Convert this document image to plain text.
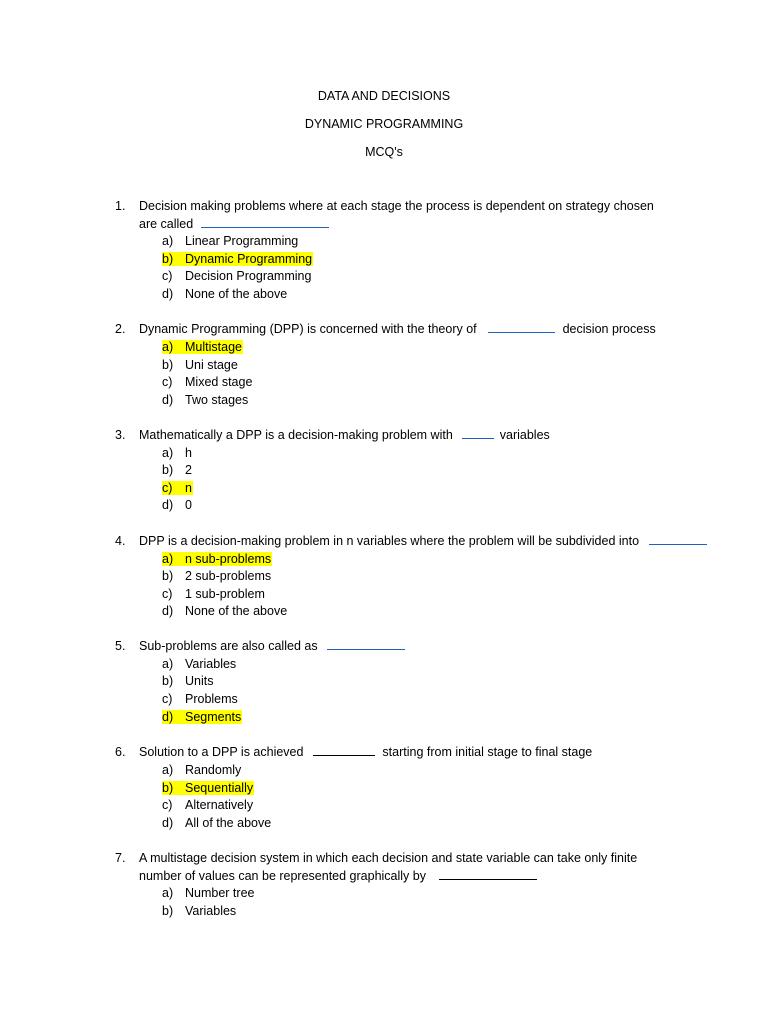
DATA AND DECISIONS
DYNAMIC PROGRAMMING
MCQ's
1. Decision making problems where at each stage the process is dependent on strategy chosen
are called
a) Linear Programming
b) Dynamic Programming
c) Decision Programming
d) None of the above
2. Dynamic Programming (DPP) is concerned with the theory of	decision process
a) Multistage
b) Uni stage
c) Mixed stage
d) Two stages
3. Mathematically a DPP is a decision-making problem with	variables
a) h
b) 2
c) n
d) 0
4. DPP is a decision-making problem in n variables where the problem will be subdivided into
a) n sub-problems
b) 2 sub-problems
c) 1 sub-problem
d) None of the above
5. Sub-problems are also called as
a) Variables
b) Units
c) Problems
d) Segments
6. Solution to a DPP is achieved	starting from initial stage to final stage
a) Randomly
b) Sequentially
c) Alternatively
d) All of the above
7. A multistage decision system in which each decision and state variable can take only finite
number of values can be represented graphically by
a) Number tree
b) Variables
